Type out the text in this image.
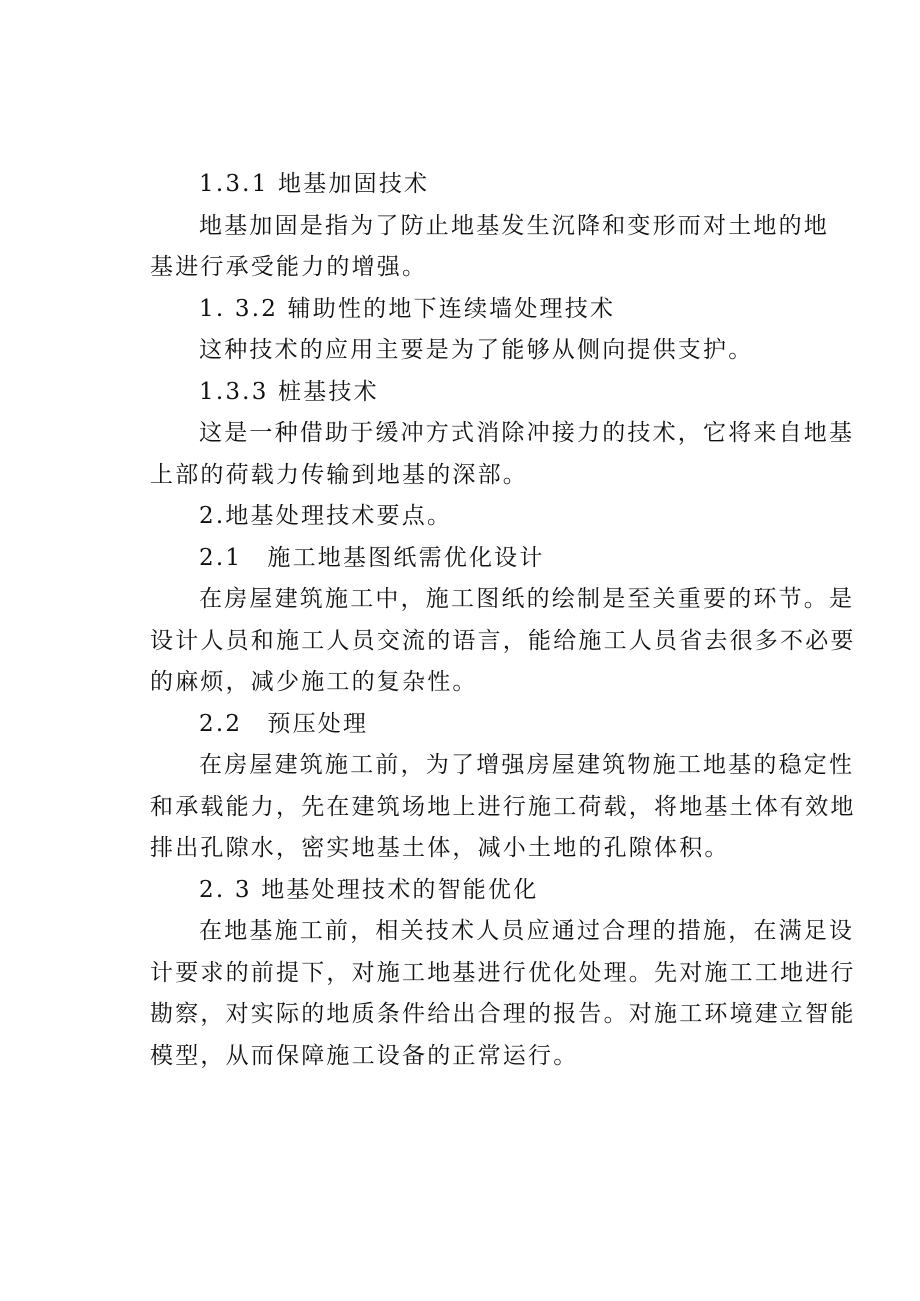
1.3.1 地基加固技术
地基加固是指为了防止地基发生沉降和变形而对土地的地
基进行承受能力的增强。
1. 3.2 辅助性的地下连续墙处理技术
这种技术的应用主要是为了能够从侧向提供支护。
1.3.3 桩基技术
这是一种借助于缓冲方式消除冲接力的技术，它将来自地基
上部的荷载力传输到地基的深部。
2.地基处理技术要点。
2.1　施工地基图纸需优化设计
在房屋建筑施工中，施工图纸的绘制是至关重要的环节。是
设计人员和施工人员交流的语言，能给施工人员省去很多不必要
的麻烦，减少施工的复杂性。
2.2　预压处理
在房屋建筑施工前，为了增强房屋建筑物施工地基的稳定性
和承载能力，先在建筑场地上进行施工荷载，将地基土体有效地
排出孔隙水，密实地基土体，减小土地的孔隙体积。
2. 3 地基处理技术的智能优化
在地基施工前，相关技术人员应通过合理的措施，在满足设
计要求的前提下，对施工地基进行优化处理。先对施工工地进行
勘察，对实际的地质条件给出合理的报告。对施工环境建立智能
模型，从而保障施工设备的正常运行。
